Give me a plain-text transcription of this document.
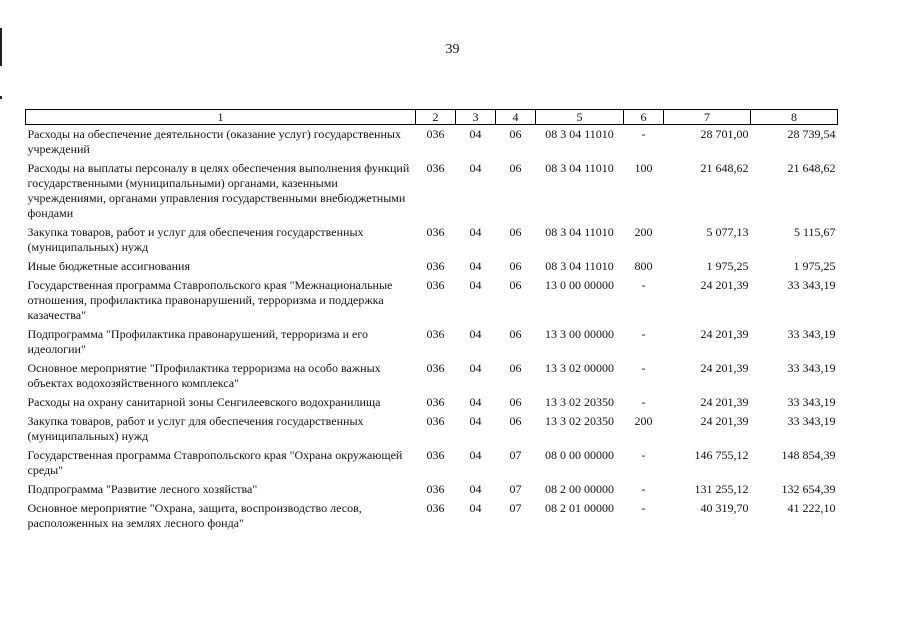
39
1	2	3	4	5	6	7	8
Расходы на обеспечение деятельности (оказание услуг) государственных учреждений	036	04	06	08 3 04 11010	-	28 701,00	28 739,54
Расходы на выплаты персоналу в целях обеспечения выполнения функций государственными (муниципальными) органами, казенными учреждениями, органами управления государственными внебюджетными фондами	036	04	06	08 3 04 11010	100	21 648,62	21 648,62
Закупка товаров, работ и услуг для обеспечения государственных (муниципальных) нужд	036	04	06	08 3 04 11010	200	5 077,13	5 115,67
Иные бюджетные ассигнования	036	04	06	08 3 04 11010	800	1 975,25	1 975,25
Государственная программа Ставропольского края "Межнациональные отношения, профилактика правонарушений, терроризма и поддержка казачества"	036	04	06	13 0 00 00000	-	24 201,39	33 343,19
Подпрограмма "Профилактика правонарушений, терроризма и его идеологии"	036	04	06	13 3 00 00000	-	24 201,39	33 343,19
Основное мероприятие "Профилактика терроризма на особо важных объектах водохозяйственного комплекса"	036	04	06	13 3 02 00000	-	24 201,39	33 343,19
Расходы на охрану санитарной зоны Сенгилеевского водохранилища	036	04	06	13 3 02 20350	-	24 201,39	33 343,19
Закупка товаров, работ и услуг для обеспечения государственных (муниципальных) нужд	036	04	06	13 3 02 20350	200	24 201,39	33 343,19
Государственная программа Ставропольского края "Охрана окружающей среды"	036	04	07	08 0 00 00000	-	146 755,12	148 854,39
Подпрограмма "Развитие лесного хозяйства"	036	04	07	08 2 00 00000	-	131 255,12	132 654,39
Основное мероприятие "Охрана, защита, воспроизводство лесов, расположенных на землях лесного фонда"	036	04	07	08 2 01 00000	-	40 319,70	41 222,10
